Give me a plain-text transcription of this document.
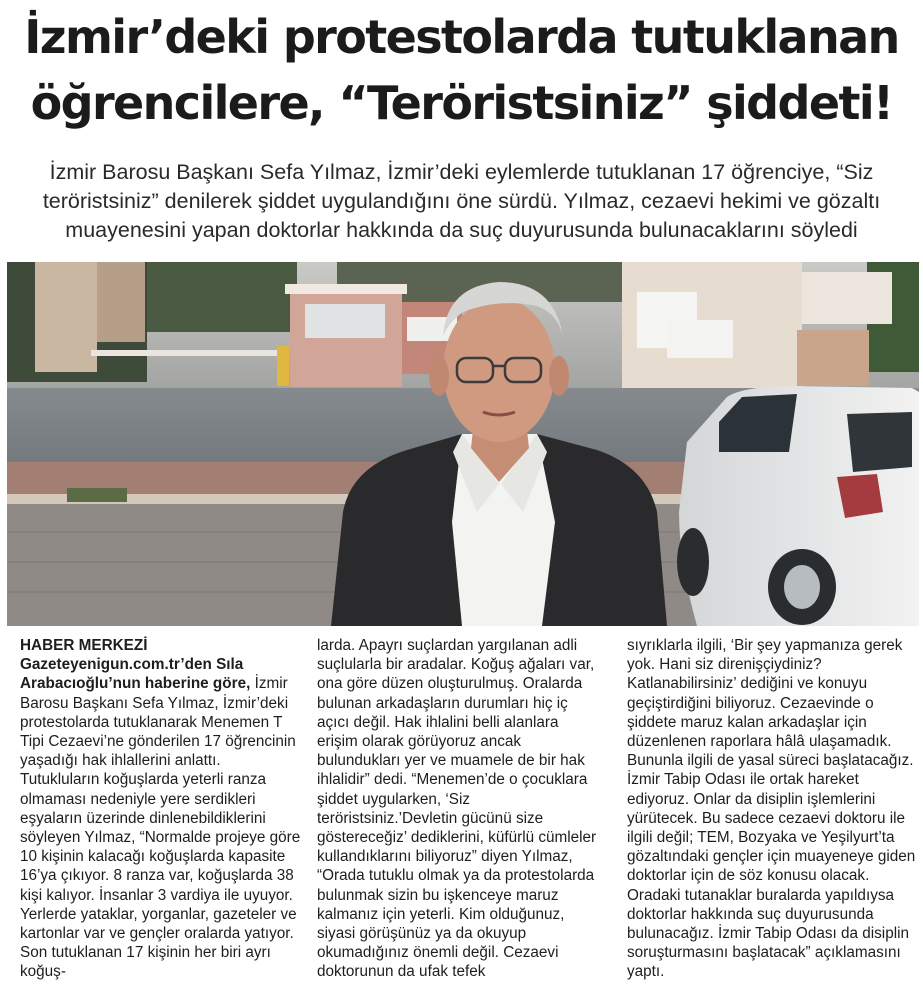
İzmir’deki protestolarda tutuklanan
öğrencilere, “Teröristsiniz” şiddeti!

İzmir Barosu Başkanı Sefa Yılmaz, İzmir’deki eylemlerde tutuklanan 17 öğrenciye, “Siz
teröristsiniz” denilerek şiddet uygulandığını öne sürdü. Yılmaz, cezaevi hekimi ve gözaltı
muayenesini yapan doktorlar hakkında da suç duyurusunda bulunacaklarını söyledi

HABER MERKEZİ

Gazeteyenigun.com.tr’den Sıla Arabacıoğlu’nun haberine göre, İzmir Barosu Başkanı Sefa Yılmaz, İzmir’deki protestolarda tutuklanarak Menemen T Tipi Cezaevi’ne gönderilen 17 öğrencinin yaşadığı hak ihlallerini anlattı. Tutukluların koğuşlarda yeterli ranza olmaması nedeniyle yere serdikleri eşyaların üzerinde dinlenebildiklerini söyleyen Yılmaz, “Normalde projeye göre 10 kişinin kalacağı koğuşlarda kapasite 16’ya çıkıyor. 8 ranza var, koğuşlarda 38 kişi kalıyor. İnsanlar 3 vardiya ile uyuyor. Yerlerde yataklar, yorganlar, gazeteler ve kartonlar var ve gençler oralarda yatıyor. Son tutuklanan 17 kişinin her biri ayrı koğuş-

larda. Apayrı suçlardan yargılanan adli suçlularla bir aradalar. Koğuş ağaları var, ona göre düzen oluşturulmuş. Oralarda bulunan arkadaşların durumları hiç iç açıcı değil. Hak ihlalini belli alanlara erişim olarak görüyoruz ancak bulundukları yer ve muamele de bir hak ihlalidir” dedi. “Menemen’de o çocuklara şiddet uygularken, ‘Siz teröristsiniz.’Devletin gücünü size göstereceğiz’ dediklerini, küfürlü cümleler kullandıklarını biliyoruz” diyen Yılmaz, “Orada tutuklu olmak ya da protestolarda bulunmak sizin bu işkenceye maruz kalmanız için yeterli. Kim olduğunuz, siyasi görüşünüz ya da okuyup okumadığınız önemli değil. Cezaevi doktorunun da ufak tefek

sıyrıklarla ilgili, ‘Bir şey yapmanıza gerek yok. Hani siz direnişçiydiniz? Katlanabilirsiniz’ dediğini ve konuyu geçiştirdiğini biliyoruz. Cezaevinde o şiddete maruz kalan arkadaşlar için düzenlenen raporlara hâlâ ulaşamadık. Bununla ilgili de yasal süreci başlatacağız. İzmir Tabip Odası ile ortak hareket ediyoruz. Onlar da disiplin işlemlerini yürütecek. Bu sadece cezaevi doktoru ile ilgili değil; TEM, Bozyaka ve Yeşilyurt’ta gözaltındaki gençler için muayeneye giden doktorlar için de söz konusu olacak. Oradaki tutanaklar buralarda yapıldıysa doktorlar hakkında suç duyurusunda bulunacağız. İzmir Tabip Odası da disiplin soruşturmasını başlatacak” açıklamasını yaptı.
